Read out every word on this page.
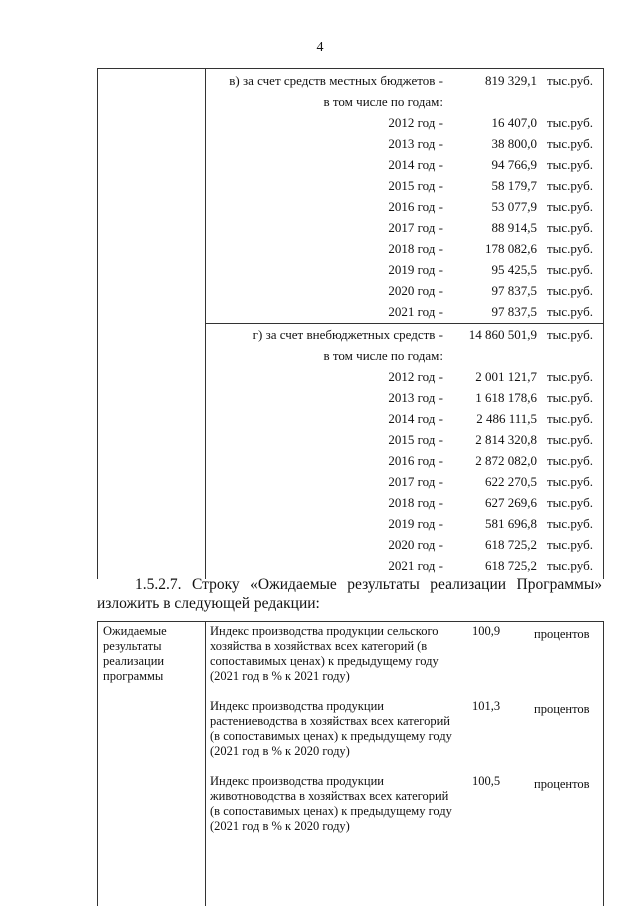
4
в) за счет средств местных бюджетов -	819 329,1 тыс.руб.
в том числе по годам:
2012 год -	16 407,0 тыс.руб.
2013 год -	38 800,0 тыс.руб.
2014 год -	94 766,9 тыс.руб.
2015 год -	58 179,7 тыс.руб.
2016 год -	53 077,9 тыс.руб.
2017 год -	88 914,5 тыс.руб.
2018 год -	178 082,6 тыс.руб.
2019 год -	95 425,5 тыс.руб.
2020 год -	97 837,5 тыс.руб.
2021 год -	97 837,5 тыс.руб.
г) за счет внебюджетных средств - 14 860 501,9 тыс.руб.
в том числе по годам:
2012 год - 2 001 121,7 тыс.руб.
2013 год - 1 618 178,6 тыс.руб.
2014 год -	2 486 111,5 тыс.руб.
2015 год - 2 814 320,8 тыс.руб.
2016 год - 2 872 082,0 тыс.руб.
2017 год -	622 270,5 тыс.руб.
2018 год -	627 269,6 тыс.руб.
2019 год -	581 696,8 тыс.руб.
2020 год -	618 725,2 тыс.руб.
2021 год -	618 725,2 тыс.руб.
1.5.2.7. Строку «Ожидаемые результаты реализации Программы»
изложить в следующей редакции:
Ожидаемые результаты реализации программы
Индекс производства продукции сельского хозяйства в хозяйствах всех категорий (в сопоставимых ценах) к предыдущему году (2021 год в % к 2021 году)
100,9	процентов
Индекс производства продукции растениеводства в хозяйствах всех категорий (в сопоставимых ценах) к предыдущему году (2021 год в % к 2020 году)
101,3	процентов
Индекс производства продукции животноводства в хозяйствах всех категорий (в сопоставимых ценах) к предыдущему году (2021 год в % к 2020 году)
100,5	процентов
